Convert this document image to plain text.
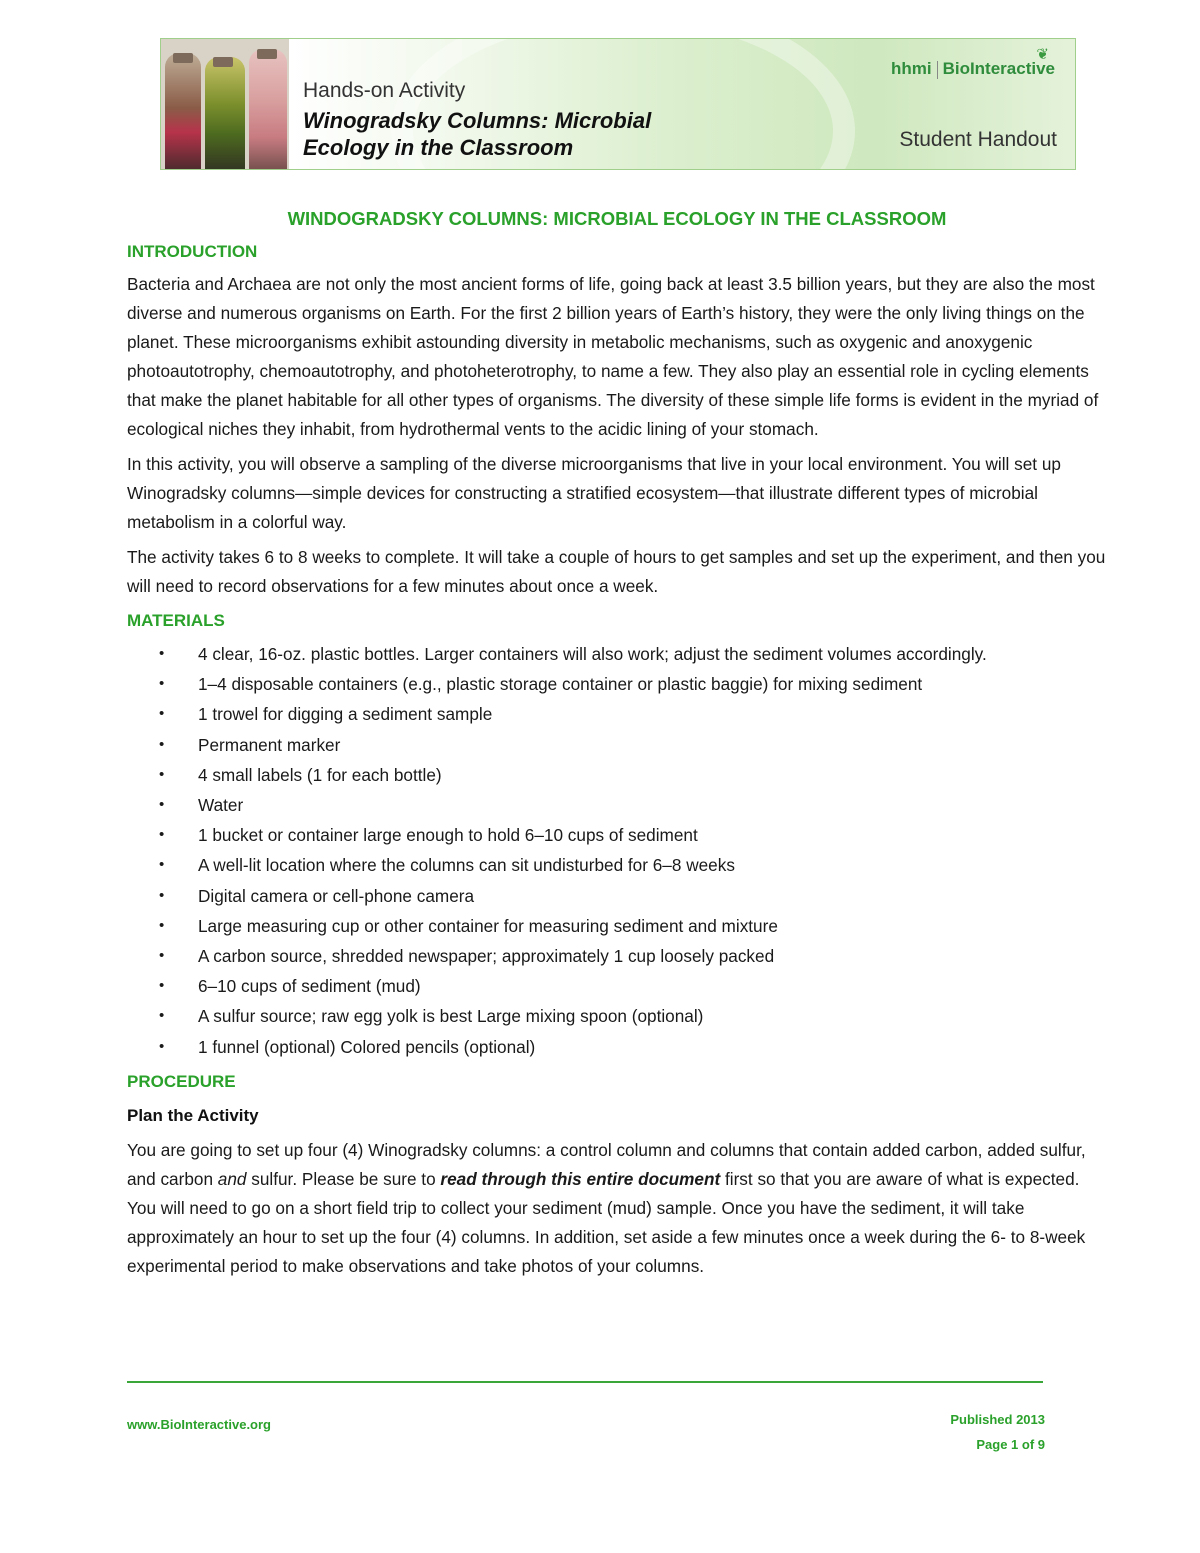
Hands-on Activity
Winogradsky Columns: Microbial Ecology in the Classroom	Student Handout
❦
hhmi BioInteractive
WINDOGRADSKY COLUMNS: MICROBIAL ECOLOGY IN THE CLASSROOM
INTRODUCTION

Bacteria and Archaea are not only the most ancient forms of life, going back at least 3.5 billion years, but they are also the most diverse and numerous organisms on Earth. For the first 2 billion years of Earth’s history, they were the only living things on the planet. These microorganisms exhibit astounding diversity in metabolic mechanisms, such as oxygenic and anoxygenic photoautotrophy, chemoautotrophy, and photoheterotrophy, to name a few. They also play an essential role in cycling elements that make the planet habitable for all other types of organisms. The diversity of these simple life forms is evident in the myriad of ecological niches they inhabit, from hydrothermal vents to the acidic lining of your stomach.

In this activity, you will observe a sampling of the diverse microorganisms that live in your local environment. You will set up Winogradsky columns—simple devices for constructing a stratified ecosystem—that illustrate different types of microbial metabolism in a colorful way.

The activity takes 6 to 8 weeks to complete. It will take a couple of hours to get samples and set up the experiment, and then you will need to record observations for a few minutes about once a week.

MATERIALS
• 4 clear, 16-oz. plastic bottles. Larger containers will also work; adjust the sediment volumes accordingly.
• 1–4 disposable containers (e.g., plastic storage container or plastic baggie) for mixing sediment
• 1 trowel for digging a sediment sample
• Permanent marker
• 4 small labels (1 for each bottle)
• Water
• 1 bucket or container large enough to hold 6–10 cups of sediment
• A well-lit location where the columns can sit undisturbed for 6–8 weeks
• Digital camera or cell-phone camera
• Large measuring cup or other container for measuring sediment and mixture
• A carbon source, shredded newspaper; approximately 1 cup loosely packed
• 6–10 cups of sediment (mud)
• A sulfur source; raw egg yolk is best Large mixing spoon (optional)
• 1 funnel (optional) Colored pencils (optional)
PROCEDURE
Plan the Activity

You are going to set up four (4) Winogradsky columns: a control column and columns that contain added carbon, added sulfur, and carbon and sulfur. Please be sure to read through this entire document first so that you are aware of what is expected. You will need to go on a short field trip to collect your sediment (mud) sample. Once you have the sediment, it will take approximately an hour to set up the four (4) columns. In addition, set aside a few minutes once a week during the 6- to 8-week experimental period to make observations and take photos of your columns.

www.BioInteractive.org	Published 2013
Page 1 of 9
